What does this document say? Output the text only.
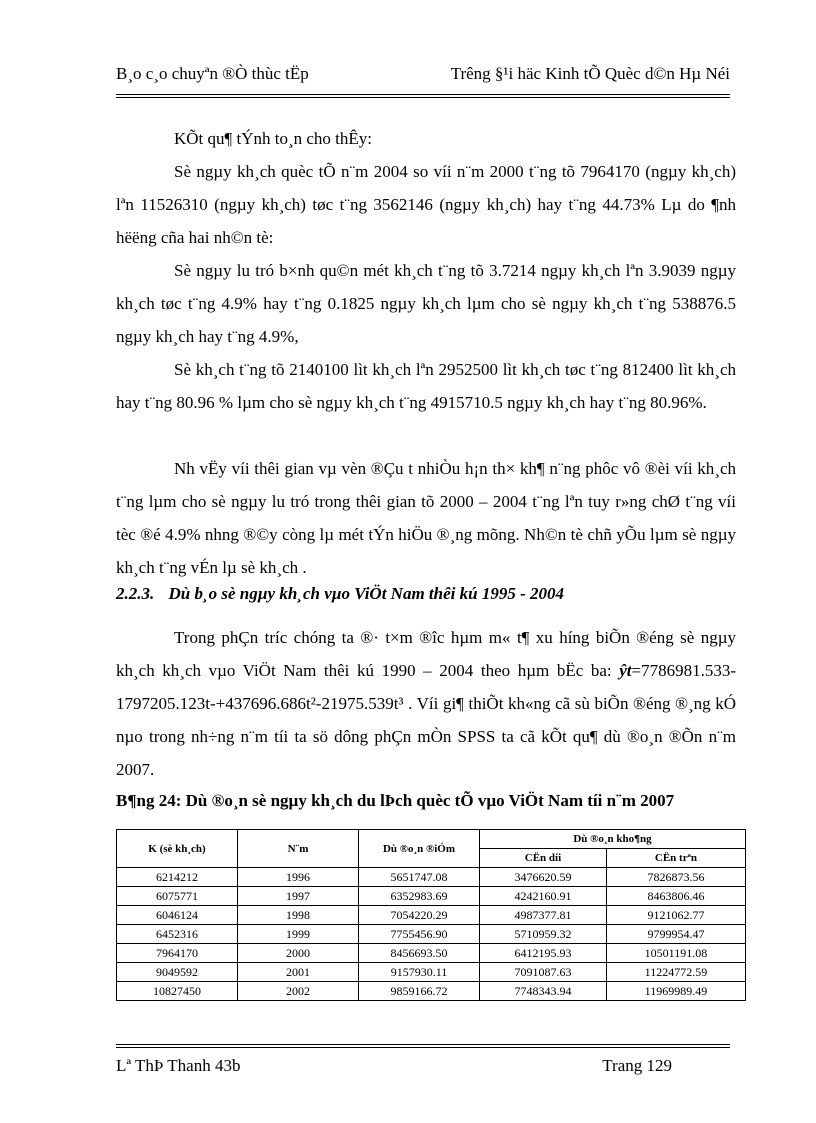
B¸o c¸o chuyªn ®Ò thùc tËp	Trêng §¹i häc Kinh tÕ Quèc d©n Hµ Néi
KÕt qu¶ tÝnh to¸n cho thÊy:
Sè ngµy kh¸ch quèc tÕ n¨m 2004 so víi n¨m 2000 t¨ng tõ 7964170 (ngµy kh¸ch) lªn 11526310 (ngµy kh¸ch) tøc t¨ng 3562146 (ngµy kh¸ch) hay t¨ng 44.73% Lµ do ¶nh hëëng cña hai nh©n tè:
Sè ngµy lu tró b×nh qu©n mét kh¸ch t¨ng tõ 3.7214 ngµy kh¸ch lªn 3.9039 ngµy kh¸ch tøc t¨ng 4.9% hay t¨ng 0.1825 ngµy kh¸ch lµm cho sè ngµy kh¸ch t¨ng 538876.5 ngµy kh¸ch hay t¨ng 4.9%,
Sè kh¸ch t¨ng tõ 2140100 lìt kh¸ch lªn 2952500 lìt kh¸ch tøc t¨ng 812400 lìt kh¸ch hay t¨ng 80.96 % lµm cho sè ngµy kh¸ch t¨ng 4915710.5 ngµy kh¸ch hay t¨ng 80.96%.
Nh vËy víi thêi gian vµ vèn ®Çu t nhiÒu h¡n th× kh¶ n¨ng phôc vô ®èi víi kh¸ch t¨ng lµm cho sè ngµy lu tró trong thêi gian tõ 2000 – 2004 t¨ng lªn tuy r»ng chØ t¨ng víi tèc ®é 4.9% nhng ®©y còng lµ mét tÝn hiÖu ®¸ng mõng. Nh©n tè chñ yÕu lµm sè ngµy kh¸ch t¨ng vÉn lµ sè kh¸ch .
2.2.3. Dù b¸o sè ngµy kh¸ch vµo ViÖt Nam thêi kú 1995 - 2004
Trong phÇn tríc chóng ta ®· t×m ®îc hµm m« t¶ xu híng biÕn ®éng sè ngµy kh¸ch kh¸ch vµo ViÖt Nam thêi kú 1990 – 2004 theo hµm bËc ba: ŷt=7786981.533-1797205.123t-+437696.686t²-21975.539t³ . Víi gi¶ thiÕt kh«ng cã sù biÕn ®éng ®¸ng kÓ nµo trong nh÷ng n¨m tíi ta sö dông phÇn mÒn SPSS ta cã kÕt qu¶ dù ®o¸n ®Õn n¨m 2007.
B¶ng 24: Dù ®o¸n sè ngµy kh¸ch du lÞch quèc tÕ vµo ViÖt Nam tíi n¨m 2007
K (sè kh¸ch)	N¨m	Dù ®o¸n ®iÓm	Dù ®o¸n kho¶ng	
			CËn díi	CËn trªn
6214212	1996	5651747.08	3476620.59	7826873.56
6075771	1997	6352983.69	4242160.91	8463806.46
6046124	1998	7054220.29	4987377.81	9121062.77
6452316	1999	7755456.90	5710959.32	9799954.47
7964170	2000	8456693.50	6412195.93	10501191.08
9049592	2001	9157930.11	7091087.63	11224772.59
10827450	2002	9859166.72	7748343.94	11969989.49
Lª ThÞ Thanh 43b	Trang 129
